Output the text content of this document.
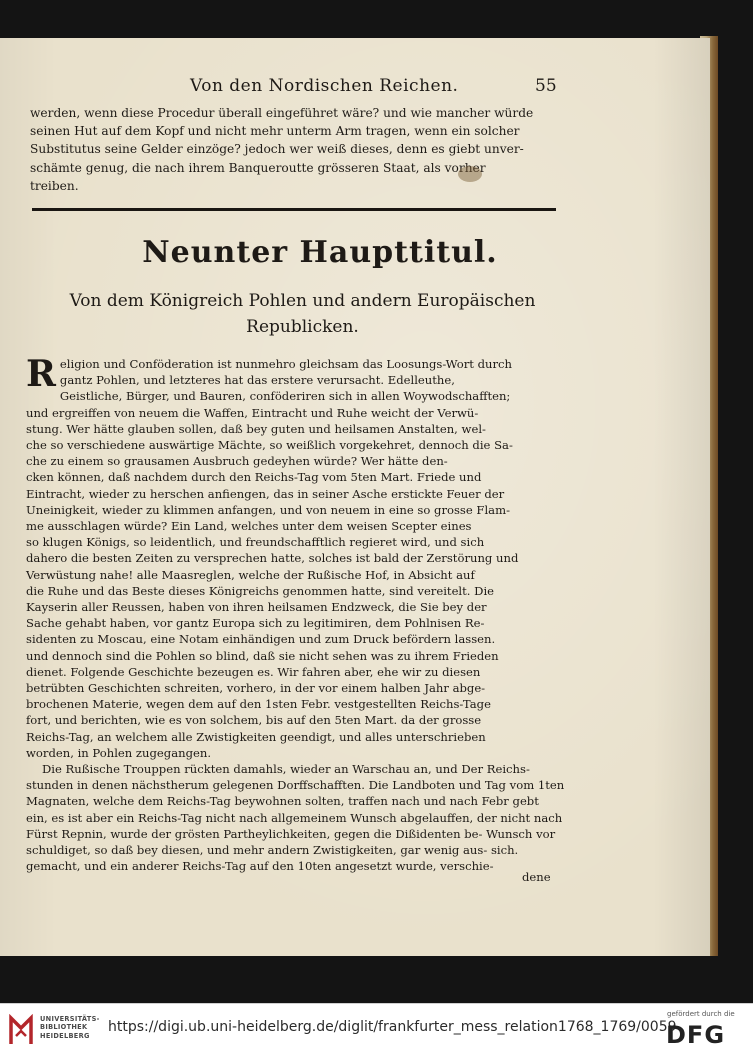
Von den Nordischen Reichen.	55
werden, wenn diese Procedur überall eingeführet wäre? und wie mancher würde
seinen Hut auf dem Kopf und nicht mehr unterm Arm tragen, wenn ein solcher
Substitutus seine Gelder einzöge? jedoch wer weiß dieses, denn es giebt unver-
schämte genug, die nach ihrem Banqueroutte grösseren Staat, als vorher
treiben.
Neunter Haupttitul.
Von dem Königreich Pohlen und andern Europäischen
Republicken.
R eligion und Conföderation ist nunmehro gleichsam das Loosungs-Wort durch
gantz Pohlen, und letzteres hat das erstere verursacht. Edelleuthe,
Geistliche, Bürger, und Bauren, conföderiren sich in allen Woywodschafften;
und ergreiffen von neuem die Waffen, Eintracht und Ruhe weicht der Verwü-
stung. Wer hätte glauben sollen, daß bey guten und heilsamen Anstalten, wel-
che so verschiedene auswärtige Mächte, so weißlich vorgekehret, dennoch die Sa-
che zu einem so grausamen Ausbruch gedeyhen würde? Wer hätte den-
cken können, daß nachdem durch den Reichs-Tag vom 5ten Mart. Friede und
Eintracht, wieder zu herschen anfiengen, das in seiner Asche erstickte Feuer der
Uneinigkeit, wieder zu klimmen anfangen, und von neuem in eine so grosse Flam-
me ausschlagen würde? Ein Land, welches unter dem weisen Scepter eines
so klugen Königs, so leidentlich, und freundschafftlich regieret wird, und sich
dahero die besten Zeiten zu versprechen hatte, solches ist bald der Zerstörung und
Verwüstung nahe! alle Maasreglen, welche der Rußische Hof, in Absicht auf
die Ruhe und das Beste dieses Königreichs genommen hatte, sind vereitelt. Die
Kayserin aller Reussen, haben von ihren heilsamen Endzweck, die Sie bey der
Sache gehabt haben, vor gantz Europa sich zu legitimiren, dem Pohlnisen Re-
sidenten zu Moscau, eine Notam einhändigen und zum Druck befördern lassen.
und dennoch sind die Pohlen so blind, daß sie nicht sehen was zu ihrem Frieden
dienet. Folgende Geschichte bezeugen es. Wir fahren aber, ehe wir zu diesen
betrübten Geschichten schreiten, vorhero, in der vor einem halben Jahr abge-
brochenen Materie, wegen dem auf den 1sten Febr. vestgestellten Reichs-Tage
fort, und berichten, wie es von solchem, bis auf den 5ten Mart. da der grosse
Reichs-Tag, an welchem alle Zwistigkeiten geendigt, und alles unterschrieben
worden, in Pohlen zugegangen.
Die Rußische Trouppen rückten damahls, wieder an Warschau an, und Der Reichs-
stunden in denen nächstherum gelegenen Dorffschafften. Die Landboten und Tag vom 1ten
Magnaten, welche dem Reichs-Tag beywohnen solten, traffen nach und nach Febr gebt
ein, es ist aber ein Reichs-Tag nicht nach allgemeinem Wunsch abgelauffen, der nicht nach
Fürst Repnin, wurde der grösten Partheylichkeiten, gegen die Dißidenten be- Wunsch vor
schuldiget, so daß bey diesen, und mehr andern Zwistigkeiten, gar wenig aus- sich.
gemacht, und ein anderer Reichs-Tag auf den 10ten angesetzt wurde, verschie-
dene
UNIVERSITÄTS-
BIBLIOTHEK
HEIDELBERG
https://digi.ub.uni-heidelberg.de/diglit/frankfurter_mess_relation1768_1769/0059
gefördert durch die
DFG
